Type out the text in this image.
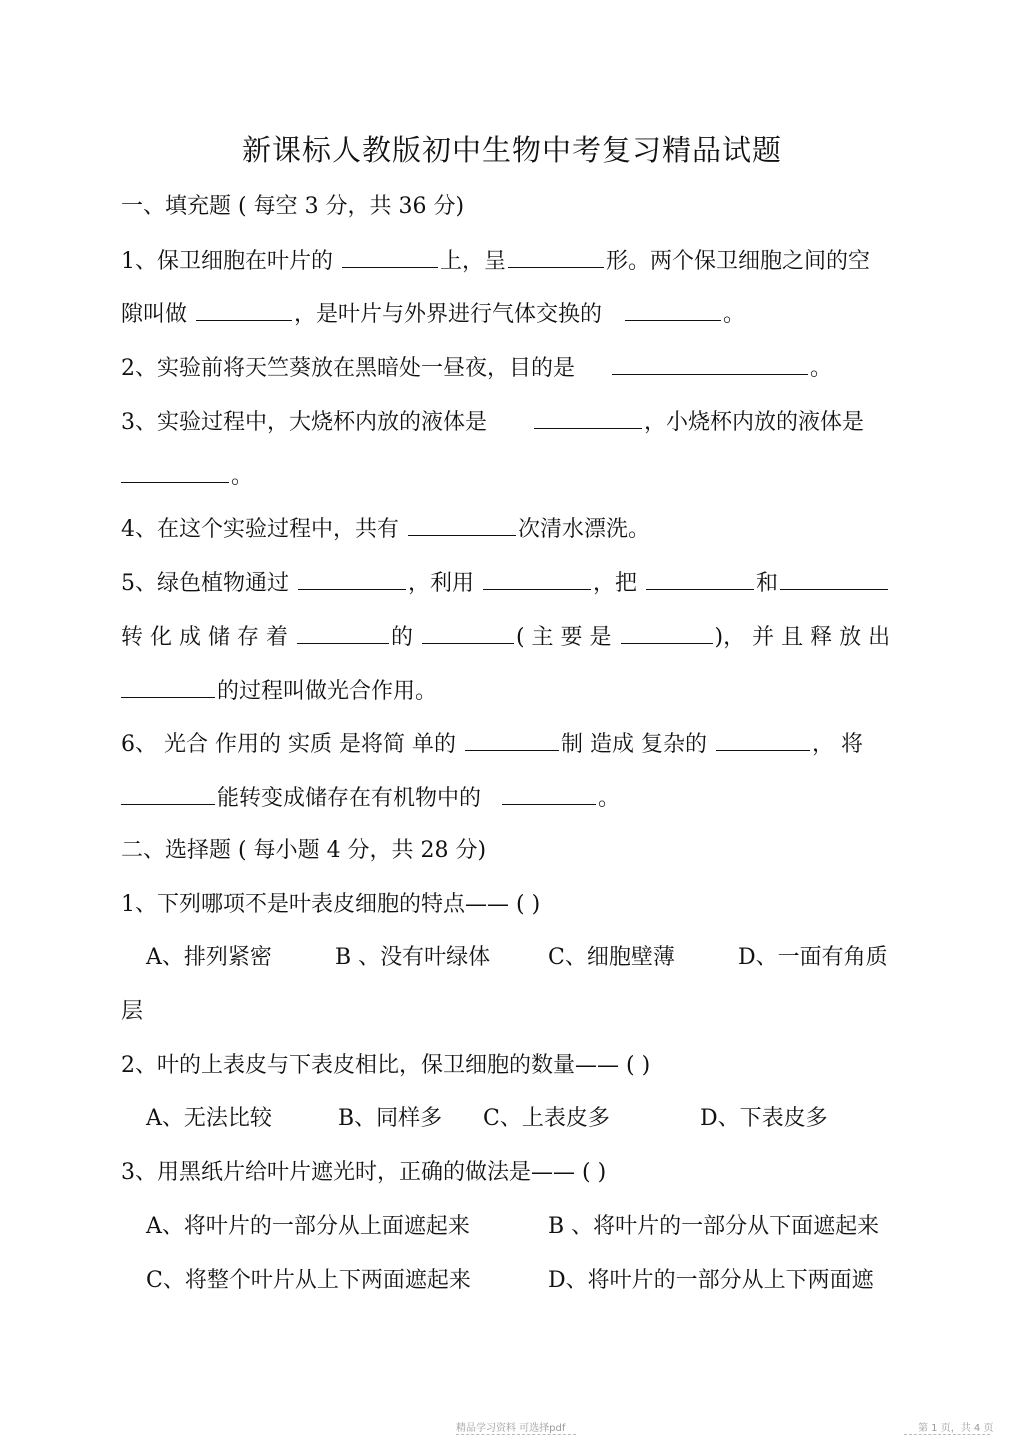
新课标人教版初中生物中考复习精品试题
一、填充题 ( 每空 3 分，共 36 分)
1、保卫细胞在叶片的	上，呈	形。两个保卫细胞之间的空
隙叫做	，是叶片与外界进行气体交换的	。
2、实验前将天竺葵放在黑暗处一昼夜，目的是	。
3、实验过程中，大烧杯内放的液体是	，小烧杯内放的液体是
。
4、在这个实验过程中，共有	次清水漂洗。
5、绿色植物通过	，利用	，把	和
转 化 成 储 存 着	的	( 主 要 是	)， 并 且 释 放 出
的过程叫做光合作用。
6、 光合 作用的 实质 是将简 单的	制 造成 复杂的	， 将
能转变成储存在有机物中的	。
二、选择题 ( 每小题 4 分，共 28 分)
1、下列哪项不是叶表皮细胞的特点—— ( )
A、排列紧密	B 、没有叶绿体	C、细胞壁薄	D、一面有角质
层
2、叶的上表皮与下表皮相比，保卫细胞的数量—— ( )
A、无法比较	B、同样多 C、上表皮多	D、下表皮多
3、用黑纸片给叶片遮光时，正确的做法是—— ( )
A、将叶片的一部分从上面遮起来	B 、将叶片的一部分从下面遮起来
C、将整个叶片从上下两面遮起来	D、将叶片的一部分从上下两面遮
精品学习资料 可选择pdf	第 1 页，共 4 页
